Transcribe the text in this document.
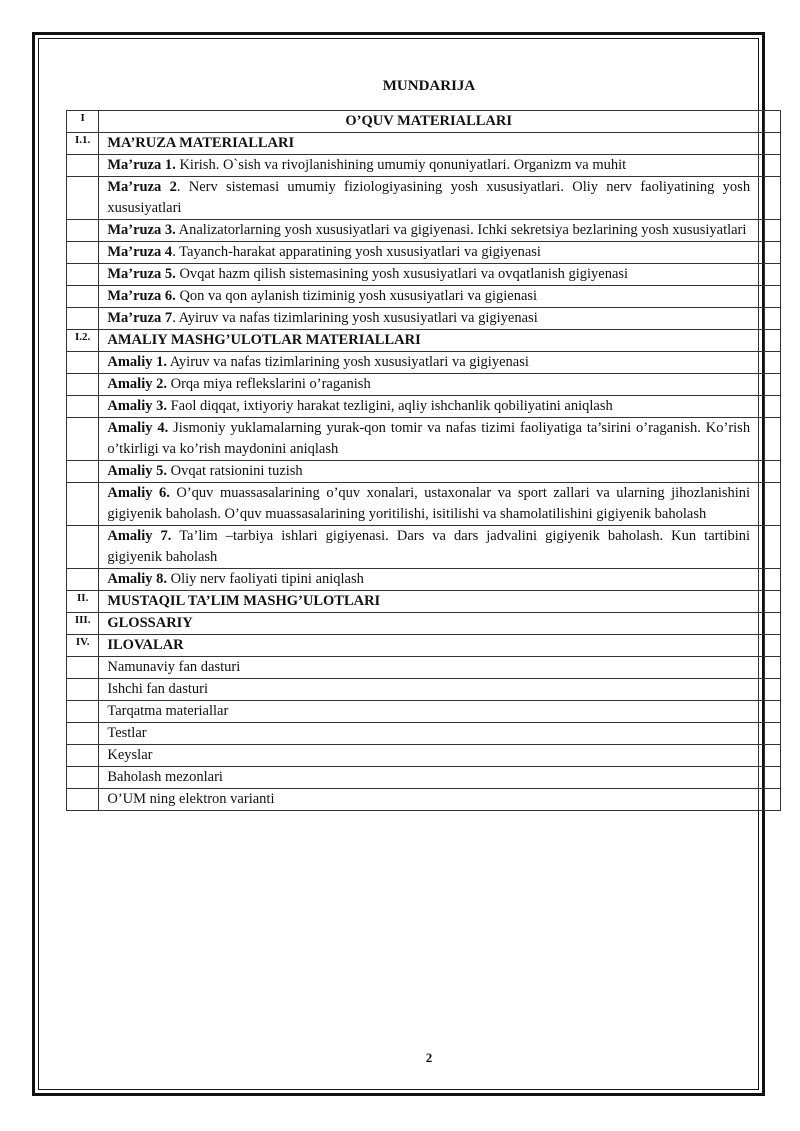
MUNDARIJA
I	O’QUV MATERIALLARI		
I.1.	MA’RUZA MATERIALLARI		
	Ma’ruza 1. Kirish. O`sish va rivojlanishining umumiy qonuniyatlari. Organizm va muhit		
	Ma’ruza 2. Nerv sistemasi umumiy fiziologiyasining yosh xususiyatlari. Oliy nerv faoliyatining yosh xususiyatlari		
	Ma’ruza 3. Analizatorlarning yosh xususiyatlari va gigiyenasi. Ichki sekretsiya bezlarining yosh xususiyatlari		
	Ma’ruza 4. Tayanch-harakat apparatining yosh xususiyatlari va gigiyenasi		
	Ma’ruza 5. Ovqat hazm qilish sistemasining yosh xususiyatlari va ovqatlanish gigiyenasi		
	Ma’ruza 6. Qon va qon aylanish tiziminig yosh xususiyatlari va gigienasi		
	Ma’ruza 7. Ayiruv va nafas tizimlarining yosh xususiyatlari va gigiyenasi		
I.2.	AMALIY MASHG’ULOTLAR MATERIALLARI		
	Amaliy 1. Ayiruv va nafas tizimlarining yosh xususiyatlari va gigiyenasi		
	Amaliy 2. Orqa miya reflekslarini o’raganish		
	Amaliy 3. Faol diqqat, ixtiyoriy harakat tezligini, aqliy ishchanlik qobiliyatini aniqlash		
	Amaliy 4. Jismoniy yuklamalarning yurak-qon tomir va nafas tizimi faoliyatiga ta’sirini o’raganish. Ko’rish o’tkirligi va ko’rish maydonini aniqlash		
	Amaliy 5. Ovqat ratsionini tuzish		
	Amaliy 6. O’quv muassasalarining o’quv xonalari, ustaxonalar va sport zallari va ularning jihozlanishini gigiyenik baholash. O’quv muassasalarining yoritilishi, isitilishi va shamolatilishini gigiyenik baholash		
	Amaliy 7. Ta’lim –tarbiya ishlari gigiyenasi. Dars va dars jadvalini gigiyenik baholash. Kun tartibini gigiyenik baholash		
	Amaliy 8. Oliy nerv faoliyati tipini aniqlash		
II.	MUSTAQIL TA’LIM MASHG’ULOTLARI		
III.	GLOSSARIY		
IV.	ILOVALAR		
	Namunaviy fan dasturi		
	Ishchi fan dasturi		
	Tarqatma materiallar		
	Testlar		
	Keyslar		
	Baholash mezonlari		
	O’UM ning elektron varianti		
2
